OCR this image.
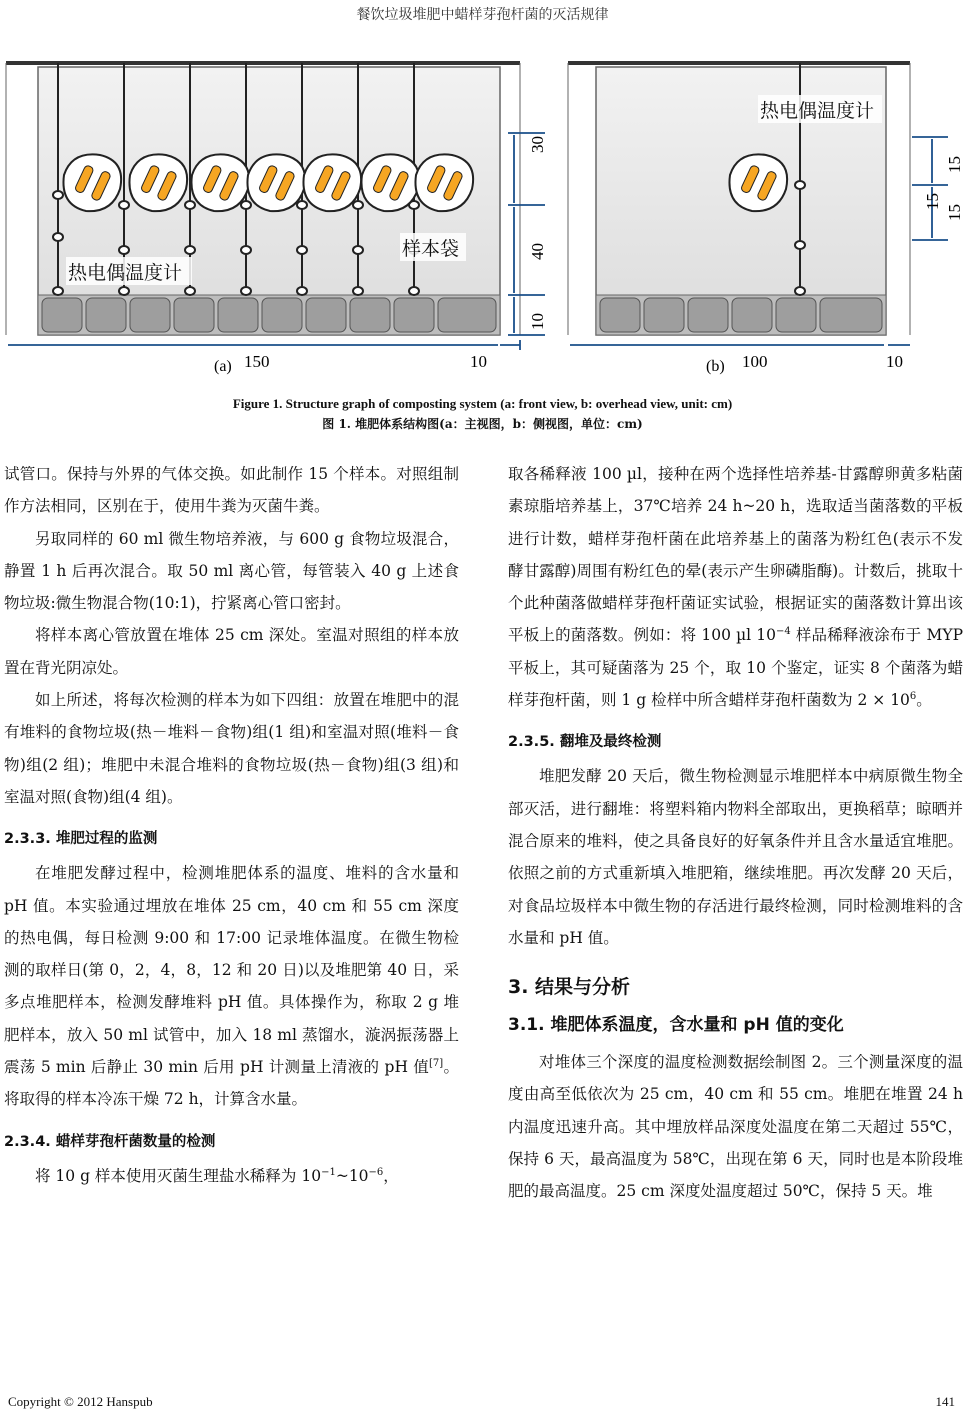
餐饮垃圾堆肥中蜡样芽孢杆菌的灭活规律
热电偶温度计
样本袋
30
40
10
(a) 150	10
热电偶温度计
15
15
15
(b) 100	10
Figure 1. Structure graph of composting system (a: front view, b: overhead view, unit: cm)
图 1. 堆肥体系结构图(a：主视图，b：侧视图，单位：cm)

试管口。保持与外界的气体交换。如此制作 15 个样本。对照组制作方法相同，区别在于，使用牛粪为灭菌牛粪。

另取同样的 60 ml 微生物培养液，与 600 g 食物垃圾混合，静置 1 h 后再次混合。取 50 ml 离心管，每管装入 40 g 上述食物垃圾:微生物混合物(10:1)，拧紧离心管口密封。

将样本离心管放置在堆体 25 cm 深处。室温对照组的样本放置在背光阴凉处。

如上所述，将每次检测的样本为如下四组：放置在堆肥中的混有堆料的食物垃圾(热－堆料－食物)组(1 组)和室温对照(堆料－食物)组(2 组)；堆肥中未混合堆料的食物垃圾(热－食物)组(3 组)和室温对照(食物)组(4 组)。

2.3.3. 堆肥过程的监测

在堆肥发酵过程中，检测堆肥体系的温度、堆料的含水量和 pH 值。本实验通过埋放在堆体 25 cm，40 cm 和 55 cm 深度的热电偶，每日检测 9:00 和 17:00 记录堆体温度。在微生物检测的取样日(第 0，2，4，8，12 和 20 日)以及堆肥第 40 日，采多点堆肥样本，检测发酵堆料 pH 值。具体操作为，称取 2 g 堆肥样本，放入 50 ml 试管中，加入 18 ml 蒸馏水，漩涡振荡器上震荡 5 min 后静止 30 min 后用 pH 计测量上清液的 pH 值[7]。将取得的样本冷冻干燥 72 h，计算含水量。

2.3.4. 蜡样芽孢杆菌数量的检测

将 10 g 样本使用灭菌生理盐水稀释为 $10^{-1}\sim 10^{-6}$，

取各稀释液 100 µl，接种在两个选择性培养基-甘露醇卵黄多粘菌素琼脂培养基上，37℃培养 24 h~20 h，选取适当菌落数的平板进行计数，蜡样芽孢杆菌在此培养基上的菌落为粉红色(表示不发酵甘露醇)周围有粉红色的晕(表示产生卵磷脂酶)。计数后，挑取十个此种菌落做蜡样芽孢杆菌证实试验，根据证实的菌落数计算出该平板上的菌落数。例如：将 100 µl $10^{-4}$ 样品稀释液涂布于 MYP 平板上，其可疑菌落为 25 个，取 10 个鉴定，证实 8 个菌落为蜡样芽孢杆菌，则 1 g 检样中所含蜡样芽孢杆菌数为 $2 \times 10^6$。

2.3.5. 翻堆及最终检测

堆肥发酵 20 天后，微生物检测显示堆肥样本中病原微生物全部灭活，进行翻堆：将塑料箱内物料全部取出，更换稻草；晾晒并混合原来的堆料，使之具备良好的好氧条件并且含水量适宜堆肥。依照之前的方式重新填入堆肥箱，继续堆肥。再次发酵 20 天后，对食品垃圾样本中微生物的存活进行最终检测，同时检测堆料的含水量和 pH 值。

3. 结果与分析
3.1. 堆肥体系温度，含水量和 pH 值的变化

对堆体三个深度的温度检测数据绘制图 2。三个测量深度的温度由高至低依次为 25 cm，40 cm 和 55 cm。堆肥在堆置 24 h 内温度迅速升高。其中埋放样品深度处温度在第二天超过 55℃，保持 6 天，最高温度为 58℃，出现在第 6 天，同时也是本阶段堆肥的最高温度。25 cm 深度处温度超过 50℃，保持 5 天。堆

Copyright © 2012 Hanspub	141
